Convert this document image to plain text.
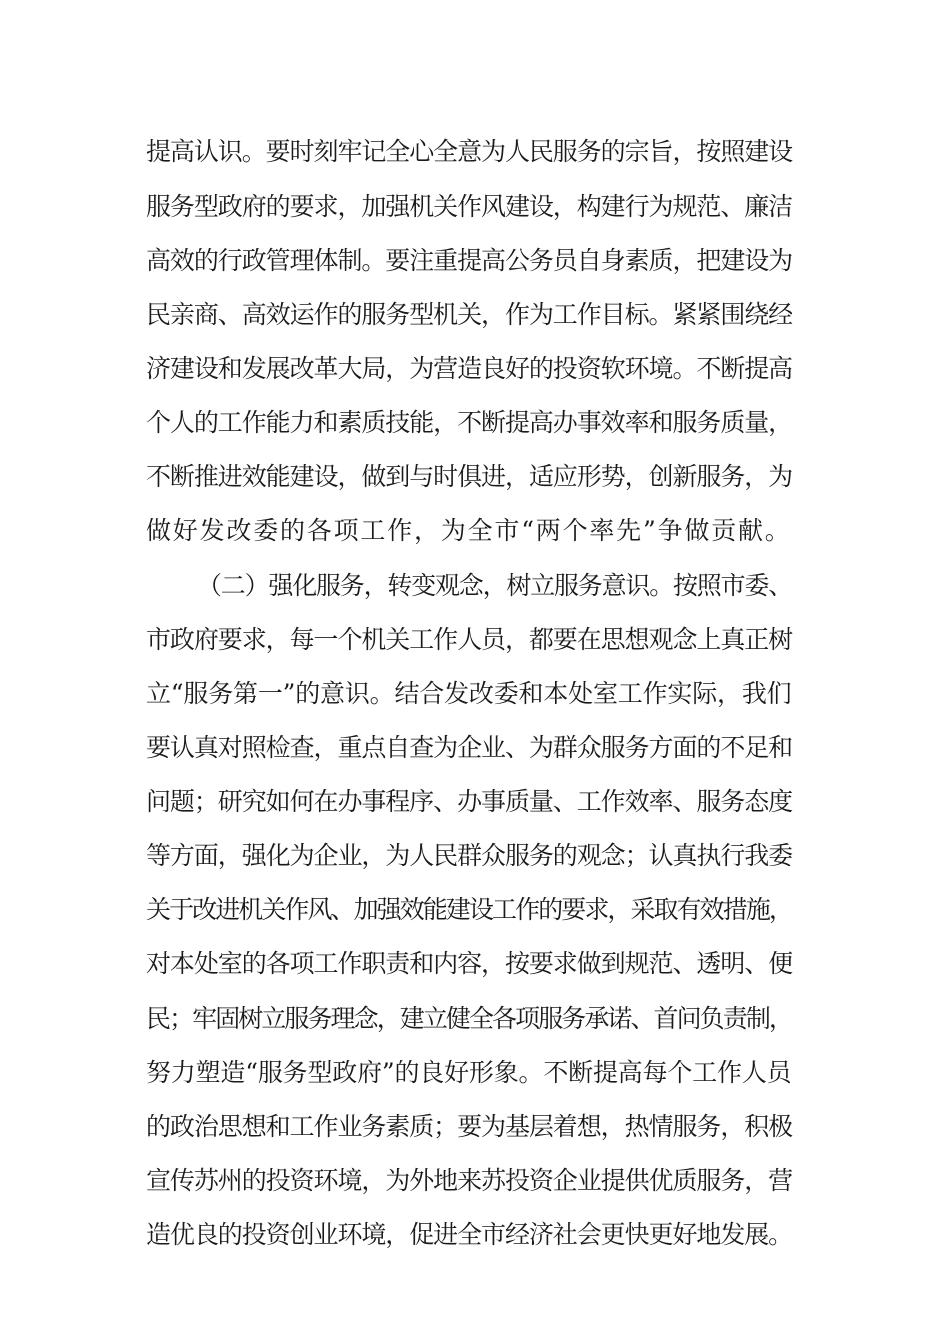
提高认识。要时刻牢记全心全意为人民服务的宗旨，按照建设
服务型政府的要求，加强机关作风建设，构建行为规范、廉洁
高效的行政管理体制。要注重提高公务员自身素质，把建设为
民亲商、高效运作的服务型机关，作为工作目标。紧紧围绕经
济建设和发展改革大局，为营造良好的投资软环境。不断提高
个人的工作能力和素质技能，不断提高办事效率和服务质量，
不断推进效能建设，做到与时俱进，适应形势，创新服务，为
做好发改委的各项工作，为全市“两个率先”争做贡献。
（二）强化服务，转变观念，树立服务意识。按照市委、
市政府要求，每一个机关工作人员，都要在思想观念上真正树
立“服务第一”的意识。结合发改委和本处室工作实际，我们
要认真对照检查，重点自查为企业、为群众服务方面的不足和
问题；研究如何在办事程序、办事质量、工作效率、服务态度
等方面，强化为企业，为人民群众服务的观念；认真执行我委
关于改进机关作风、加强效能建设工作的要求，采取有效措施，
对本处室的各项工作职责和内容，按要求做到规范、透明、便
民；牢固树立服务理念，建立健全各项服务承诺、首问负责制，
努力塑造“服务型政府”的良好形象。不断提高每个工作人员
的政治思想和工作业务素质；要为基层着想，热情服务，积极
宣传苏州的投资环境，为外地来苏投资企业提供优质服务，营
造优良的投资创业环境，促进全市经济社会更快更好地发展。
